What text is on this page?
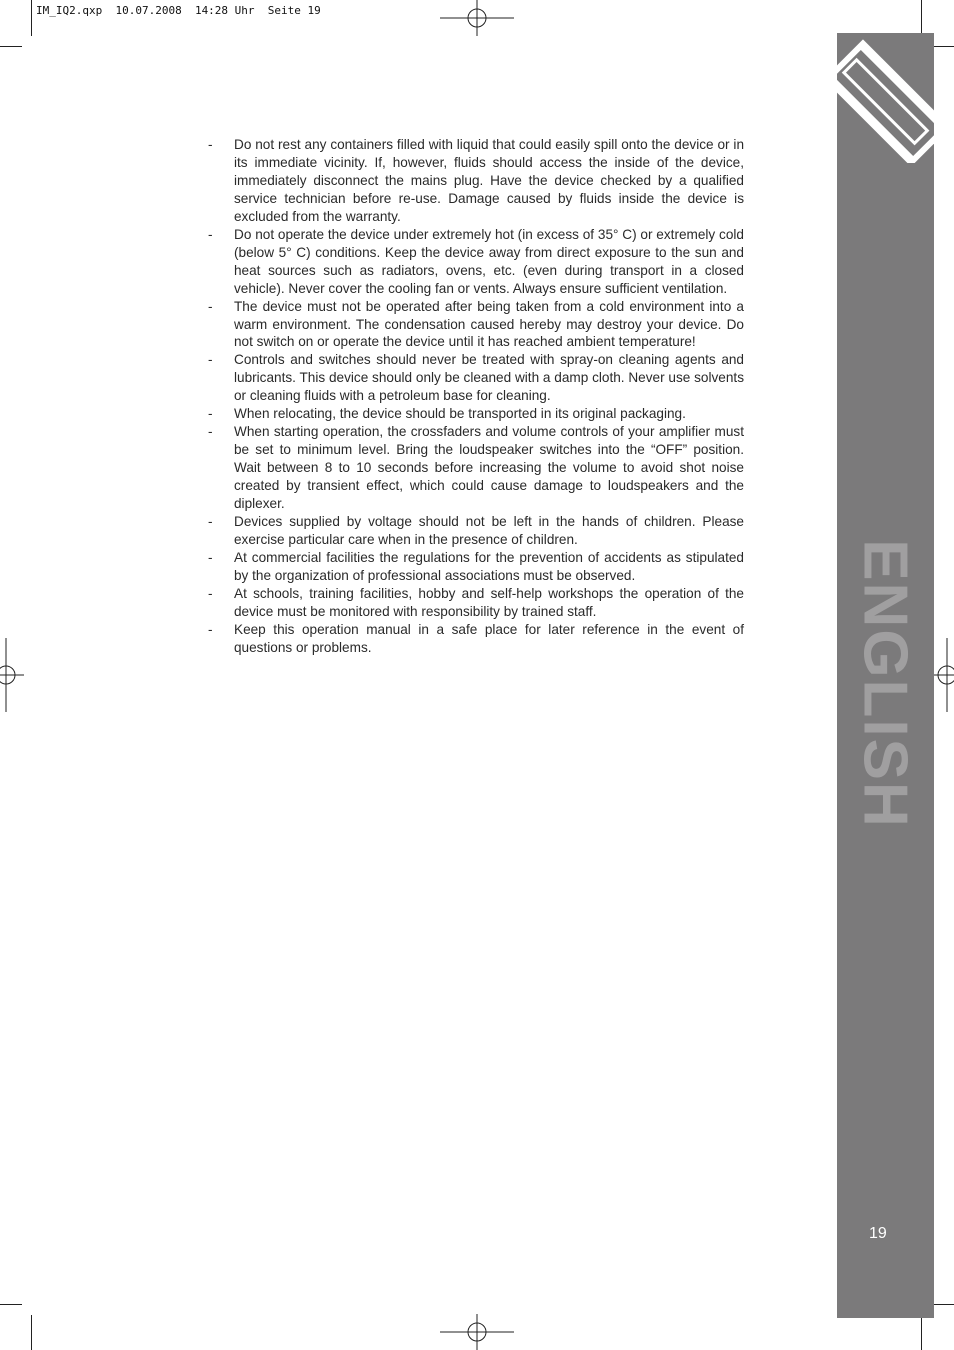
IM_IQ2.qxp  10.07.2008  14:28 Uhr  Seite 19
ENGLISH
19
-	Do not rest any containers filled with liquid that could easily spill onto the device or in its immediate vicinity. If, however, fluids should access the inside of the device, immediately disconnect the mains plug. Have the device checked by a qualified service technician before re-use. Damage caused by fluids inside the device is excluded from the warranty.
-	Do not operate the device under extremely hot (in excess of 35° C) or extremely cold (below 5° C) conditions. Keep the device away from direct exposure to the sun and heat sources such as radiators, ovens, etc. (even during transport in a closed vehicle). Never cover the cooling fan or vents. Always ensure sufficient ventilation.
-	The device must not be operated after being taken from a cold environment into a warm environment. The condensation caused hereby may destroy your device. Do not switch on or operate the device until it has reached ambient temperature!
-	Controls and switches should never be treated with spray-on cleaning agents and lubricants. This device should only be cleaned with a damp cloth. Never use solvents or cleaning fluids with a petroleum base for cleaning.
-	When relocating, the device should be transported in its original packaging.
-	When starting operation, the crossfaders and volume controls of your amplifier must be set to minimum level. Bring the loudspeaker switches into the “OFF” position. Wait between 8 to 10 seconds before increasing the volume to avoid shot noise created by transient effect, which could cause damage to loudspeakers and the diplexer.
-	Devices supplied by voltage should not be left in the hands of children. Please exercise particular care when in the presence of children.
-	At commercial facilities the regulations for the prevention of accidents as stipulated by the organization of professional associations must be observed.
-	At schools, training facilities, hobby and self-help workshops the operation of the device must be monitored with responsibility by trained staff.
-	Keep this operation manual in a safe place for later reference in the event of questions or problems.
